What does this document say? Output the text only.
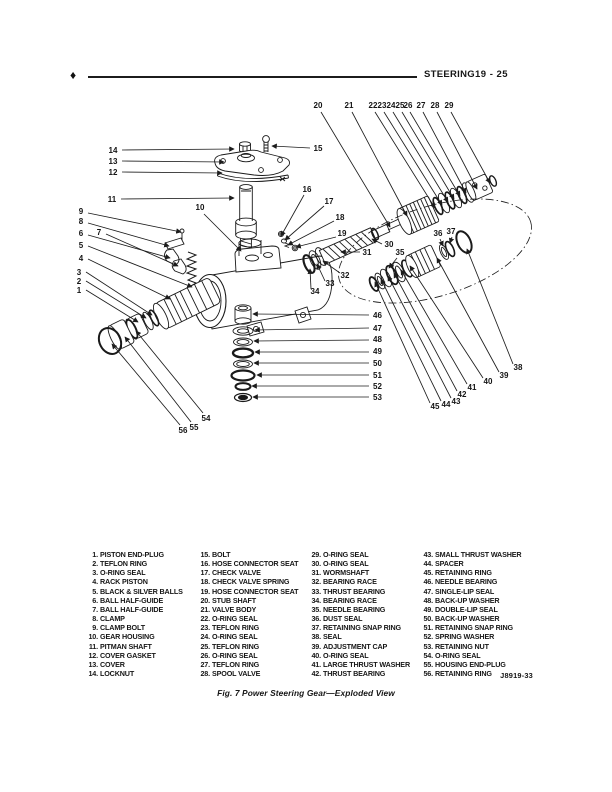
♦	STEERING 19 - 25
1
2
3
4
5
6 7
8
9	10
11
12
13
14	15
16
17
18
19
20	21 22 23 24 25 26 27 28 29
30
31
32
33
34
35
36 37
38
39
40
41
42
43
44
45
46
47
48
49
50
51
52
53
54
55
56
1. PISTON END-PLUG
2. TEFLON RING
3. O-RING SEAL
4. RACK PISTON
5. BLACK & SILVER BALLS
6. BALL HALF-GUIDE
7. BALL HALF-GUIDE
8. CLAMP
9. CLAMP BOLT
10. GEAR HOUSING
11. PITMAN SHAFT
12. COVER GASKET
13. COVER
14. LOCKNUT
15. BOLT
16. HOSE CONNECTOR SEAT
17. CHECK VALVE
18. CHECK VALVE SPRING
19. HOSE CONNECTOR SEAT
20. STUB SHAFT
21. VALVE BODY
22. O-RING SEAL
23. TEFLON RING
24. O-RING SEAL
25. TEFLON RING
26. O-RING SEAL
27. TEFLON RING
28. SPOOL VALVE
29. O-RING SEAL
30. O-RING SEAL
31. WORMSHAFT
32. BEARING RACE
33. THRUST BEARING
34. BEARING RACE
35. NEEDLE BEARING
36. DUST SEAL
37. RETAINING SNAP RING
38. SEAL
39. ADJUSTMENT CAP
40. O-RING SEAL
41. LARGE THRUST WASHER
42. THRUST BEARING
43. SMALL THRUST WASHER
44. SPACER
45. RETAINING RING
46. NEEDLE BEARING
47. SINGLE-LIP SEAL
48. BACK-UP WASHER
49. DOUBLE-LIP SEAL
50. BACK-UP WASHER
51. RETAINING SNAP RING
52. SPRING WASHER
53. RETAINING NUT
54. O-RING SEAL
55. HOUSING END-PLUG
56. RETAINING RING	J8919-33
Fig. 7 Power Steering Gear—Exploded View
